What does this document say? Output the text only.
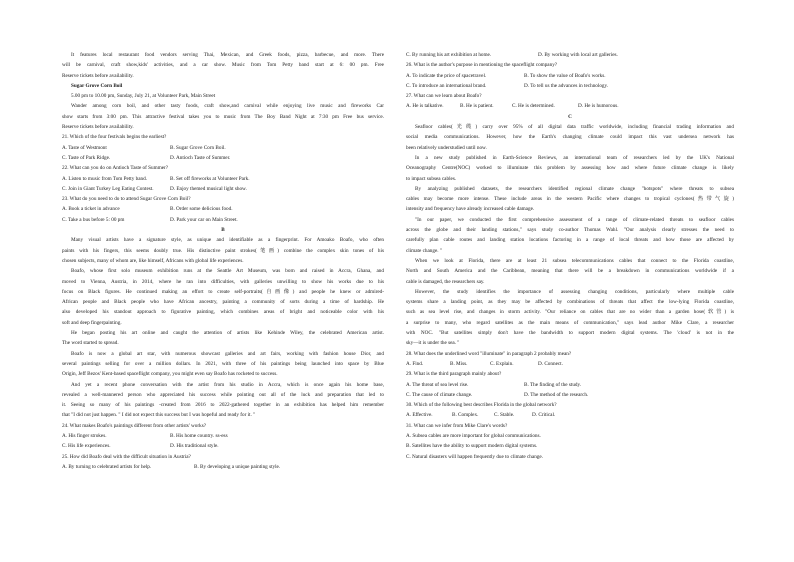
It features local restaurant food vendors serving Thai, Mexican, and Greek foods, pizza, barbecue, and more. There
will be carnival, craft show,kids' activities, and a car show. Music from Tom Petty band start at 6: 00 pm. Free
Reserve tickets before availability.
Sugar Grove Corn Boil
5.00 pm to 10.00 pm, Sunday, July 21, at Volunteer Park, Main Street
Wander among corn boil, and other tasty foods, craft show,and carnival while enjoying live music and fireworks Car
show starts from 3:00 pm. This attractive festival takes you to music from The Boy Band Night at 7:30 pm Free bus service.
Reserve tickets before availability.
21. Which of the four festivals begins the earliest?
A. Taste of Westmont	B. Sugar Grove Corn Boil.
C. Taste of Park Ridge.	D. Antioch Taste of Summer.
22. What can you do on Antioch Taste of Summer?
A. Listen to music from Tom Petty band.	B. Set off fireworks at Volunteer Park.
C. Join in Giant Turkey Leg Eating Contest.	D. Enjoy themed musical light show.
23. What do you need to do to attend Sugar Grove Corn Boil?
A. Book a ticket in advance	B. Order some delicious food.
C. Take a bus before 5: 00 pm	D. Park your car on Main Street.
B
Many visual artists have a signature style, as unique and identifiable as a fingerprint. For Amoako Boafo, who often
paints with his fingers, this seems doubly true. His distinctive paint strokes(笔画) combine the complex skin tones of his
chosen subjects, many of whom are, like himself, Africans with global life experiences.
Boafo, whose first solo museum exhibition runs at the Seattle Art Museum, was born and raised in Accra, Ghana, and
moved to Vienna, Austria, in 2014, where he ran into difficulties, with galleries unwilling to show his works due to his
focus on Black figures. He continued making an effort to create self-portraits(自画像) and people he knew or admired-
African people and Black people who have African ancestry, painting a community of sorts during a time of hardship. He
also developed his standout approach to figurative painting, which combines areas of bright and noticeable color with his
soft and deep fingerpainting.
He began posting his art online and caught the attention of artists like Kehinde Wiley, the celebrated American artist.
The word started to spread.
Boafo is now a global art star, with numerous showcast galleries and art fairs, working with fashion house Dior, and
several paintings selling for over a million dollars. In 2021, with three of his paintings being launched into space by Blue
Origin, Jeff Bezos' Kent-based spaceflight company, you might even say Boafo has rocketed to success.
And yet a recent phone conversation with the artist from his studio in Accra, which is once again his home base,
revealed a well-mannered person who appreciated his success while pointing out all of the luck and preparation that led to
it. Seeing so many of his paintings -created from 2016 to 2022-gathered together in an exhibition has helped him remember
that "I did not just happen. " I did not expect this success but I was hopeful and ready for it. "
24. What makes Boafo's paintings different from other artists' works?
A. His finger strokes.	B. His home country. ss-ess
C. His life experiences.	D. His traditional style.
25. How did Boafo deal with the difficult situation in Austria?
A. By turning to celebrated artists for help.	B. By developing a unique painting style.
C. By running his art exhibition at home.	D. By working with local art galleries.
26. What is the author's purpose in mentioning the spaceflight company?
A. To indicate the price of spacetravel.	B. To show the value of Boafo's works.
C. To introduce an international brand.	D. To tell us the advances in technology.
27. What can we learn about Boafo?
A. He is talkative.	B. He is patient.	C. He is determined.	D. He is humorous.
C
Seafloor cables(光缆) carry over 95% of all digital data traffic worldwide, including financial trading information and
social media communications. However, how the Earth's changing climate could impact this vast undersea network has
been relatively understudied until now.
In a new study published in Earth-Science Reviews, an international team of researchers led by the UK's National
Oceanography Centre(NOC) worked to illuminate this problem by assessing how and where future climate change is likely
to impact subsea cables.
By analyzing published datasets, the researchers identified regional climate change "hotspots" where threats to subsea
cables may become more intense. These include areas in the western Pacific where changes to tropical cyclones(热带气旋)
intensity and frequency have already increased cable damage.
"In our paper, we conducted the first comprehensive assessment of a range of climate-related threats to seafloor cables
across the globe and their landing stations," says study co-author Thomas Wahl. "Our analysis clearly stresses the need to
carefully plan cable routes and landing station locations factoring in a range of local threats and how those are affected by
climate change. "
When we look at Florida, there are at least 21 subsea telecommunications cables that connect to the Florida coastline,
North and South America and the Caribbean, meaning that there will be a breakdown in communications worldwide if a
cable is damaged, the researchers say.
However, the study identifies the importance of assessing changing conditions, particularly where multiple cable
systems share a landing point, as they may be affected by combinations of threats that affect the low-lying Florida coastline,
such as sea level rise, and changes in storm activity. "Our reliance on cables that are no wider than a garden hose(软管) is
a surprise to many, who regard satellites as the main means of communication," says lead author Mike Clare, a researcher
with NOC. "But satellites simply don't have the bandwidth to support modern digital systems. The 'cloud' is not in the
sky—it is under the sea. "
28. What does the underlined word "illuminate" in paragraph 2 probably mean?
A. Find.	B. Miss.	C. Explain.	D. Connect.
29. What is the third paragraph mainly about?
A. The threat of sea level rise.	B. The finding of the study.
C. The cause of climate change.	D. The method of the research.
30. Which of the following best describes Florida in the global network?
A. Effective.	B. Complex.	C. Stable.	D. Critical.
31. What can we infer from Mike Clare's words?
A. Subsea cables are more important for global communications.
B. Satellites have the ability to support modern digital systems.
C. Natural disasters will happen frequently due to climate change.
